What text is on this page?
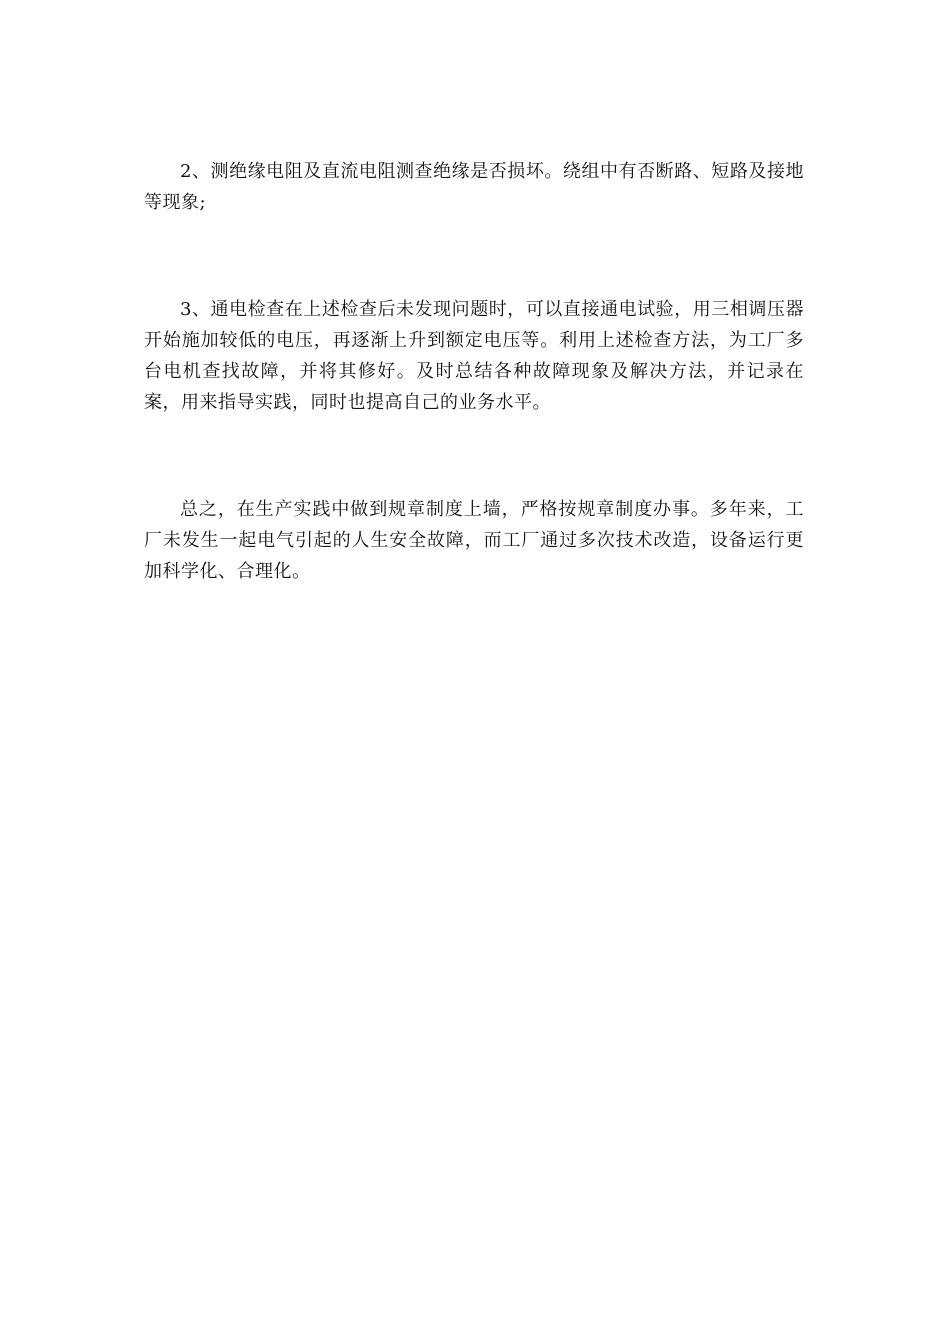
2、测绝缘电阻及直流电阻测查绝缘是否损坏。绕组中有否断路、短路及接地等现象;

3、通电检查在上述检查后未发现问题时，可以直接通电试验，用三相调压器开始施加较低的电压，再逐渐上升到额定电压等。利用上述检查方法，为工厂多台电机查找故障，并将其修好。及时总结各种故障现象及解决方法，并记录在案，用来指导实践，同时也提高自己的业务水平。

总之，在生产实践中做到规章制度上墙，严格按规章制度办事。多年来，工厂未发生一起电气引起的人生安全故障，而工厂通过多次技术改造，设备运行更加科学化、合理化。
